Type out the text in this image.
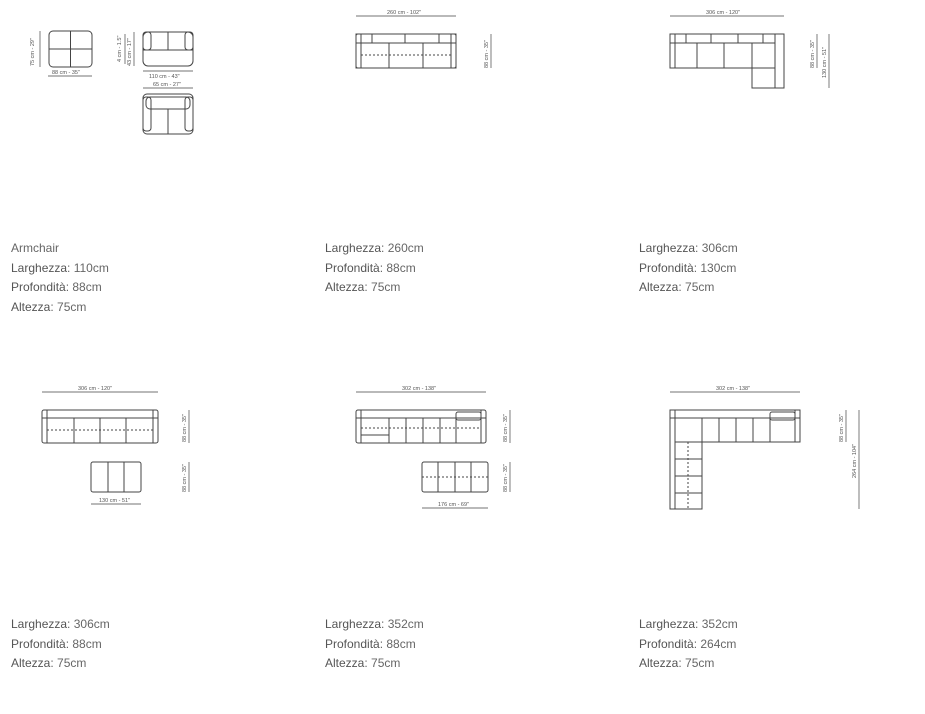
75 cm - 29"
88 cm - 35"
4 cm - 1.5" 43 cm - 17"
110 cm - 43"
65 cm - 27"
Armchair
Larghezza: 110cm
Profondità: 88cm
Altezza: 75cm
260 cm - 102"
88 cm - 35"
Larghezza: 260cm
Profondità: 88cm
Altezza: 75cm
306 cm - 120"
88 cm - 35" 130 cm - 51"
Larghezza: 306cm
Profondità: 130cm
Altezza: 75cm
306 cm - 120"
88 cm - 35"
88 cm - 35"
130 cm - 51"
Larghezza: 306cm
Profondità: 88cm
Altezza: 75cm
302 cm - 138"
88 cm - 35"
88 cm - 35"
176 cm - 69"
Larghezza: 352cm
Profondità: 88cm
Altezza: 75cm
302 cm - 138"
88 cm - 35"
264 cm - 104"
Larghezza: 352cm
Profondità: 264cm
Altezza: 75cm
